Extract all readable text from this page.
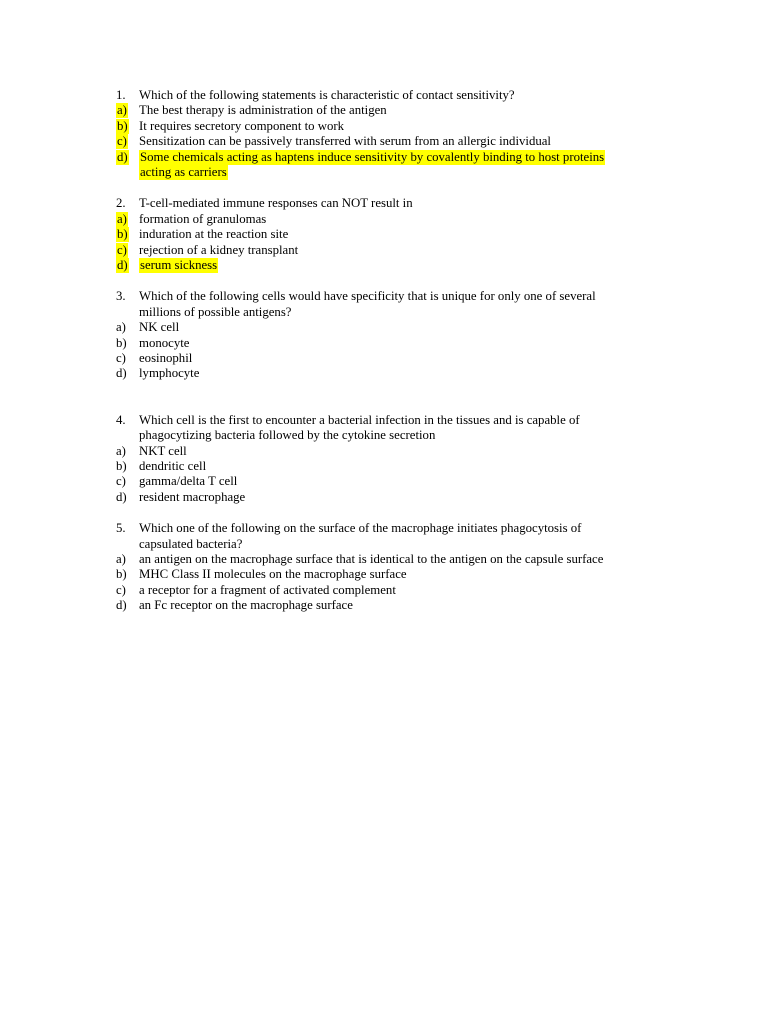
1. Which of the following statements is characteristic of contact sensitivity?
a) The best therapy is administration of the antigen
b) It requires secretory component to work
c) Sensitization can be passively transferred with serum from an allergic individual
d) Some chemicals acting as haptens induce sensitivity by covalently binding to host proteins
acting as carriers
2. T-cell-mediated immune responses can NOT result in
a) formation of granulomas
b) induration at the reaction site
c) rejection of a kidney transplant
d) serum sickness
3. Which of the following cells would have specificity that is unique for only one of several
millions of possible antigens?
a) NK cell
b) monocyte
c) eosinophil
d) lymphocyte
4. Which cell is the first to encounter a bacterial infection in the tissues and is capable of
phagocytizing bacteria followed by the cytokine secretion
a) NKT cell
b) dendritic cell
c) gamma/delta T cell
d) resident macrophage
5. Which one of the following on the surface of the macrophage initiates phagocytosis of
capsulated bacteria?
a) an antigen on the macrophage surface that is identical to the antigen on the capsule surface
b) MHC Class II molecules on the macrophage surface
c) a receptor for a fragment of activated complement
d) an Fc receptor on the macrophage surface
